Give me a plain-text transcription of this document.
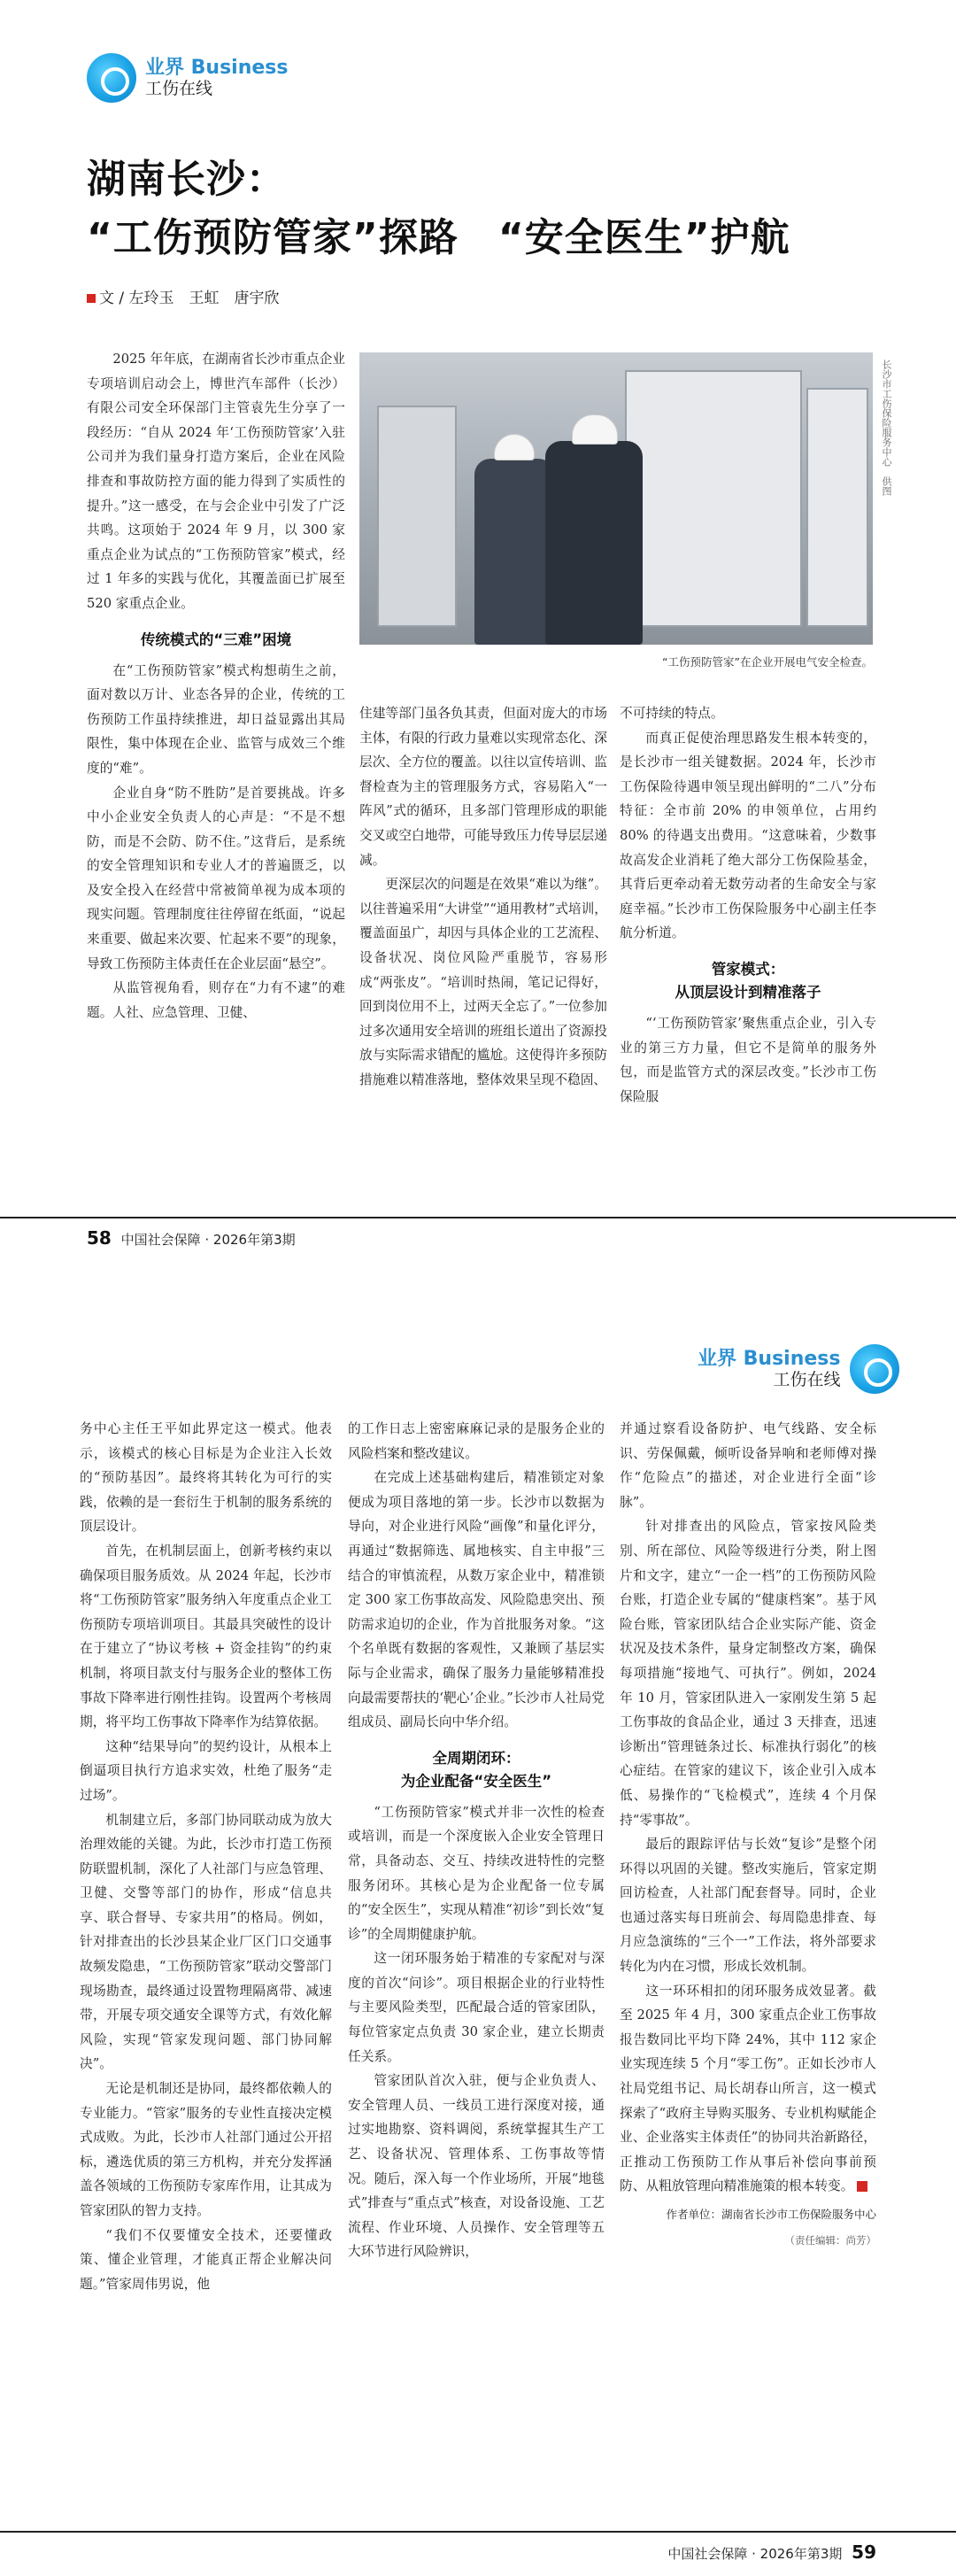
业界 Business
工伤在线
湖南长沙：
“工伤预防管家”探路　“安全医生”护航
文 / 左玲玉　王虹　唐宇欣

2025 年年底，在湖南省长沙市重点企业专项培训启动会上，博世汽车部件（长沙）有限公司安全环保部门主管袁先生分享了一段经历：“自从 2024 年‘工伤预防管家’入驻公司并为我们量身打造方案后，企业在风险排查和事故防控方面的能力得到了实质性的提升。”这一感受，在与会企业中引发了广泛共鸣。这项始于 2024 年 9 月，以 300 家重点企业为试点的“工伤预防管家”模式，经过 1 年多的实践与优化，其覆盖面已扩展至 520 家重点企业。

传统模式的“三难”困境

在“工伤预防管家”模式构想萌生之前，面对数以万计、业态各异的企业，传统的工伤预防工作虽持续推进，却日益显露出其局限性，集中体现在企业、监管与成效三个维度的“难”。

企业自身“防不胜防”是首要挑战。许多中小企业安全负责人的心声是：“不是不想防，而是不会防、防不住。”这背后，是系统的安全管理知识和专业人才的普遍匮乏，以及安全投入在经营中常被简单视为成本项的现实问题。管理制度往往停留在纸面，“说起来重要、做起来次要、忙起来不要”的现象，导致工伤预防主体责任在企业层面“悬空”。

从监管视角看，则存在“力有不逮”的难题。人社、应急管理、卫健、

长沙市工伤保险服务中心　供图
“工伤预防管家”在企业开展电气安全检查。

住建等部门虽各负其责，但面对庞大的市场主体，有限的行政力量难以实现常态化、深层次、全方位的覆盖。以往以宣传培训、监督检查为主的管理服务方式，容易陷入“一阵风”式的循环，且多部门管理形成的职能交叉或空白地带，可能导致压力传导层层递减。

更深层次的问题是在效果“难以为继”。以往普遍采用“大讲堂”“通用教材”式培训，覆盖面虽广，却因与具体企业的工艺流程、设备状况、岗位风险严重脱节，容易形成“两张皮”。“培训时热闹，笔记记得好，回到岗位用不上，过两天全忘了。”一位参加过多次通用安全培训的班组长道出了资源投放与实际需求错配的尴尬。这使得许多预防措施难以精准落地，整体效果呈现不稳固、

不可持续的特点。

而真正促使治理思路发生根本转变的，是长沙市一组关键数据。2024 年，长沙市工伤保险待遇申领呈现出鲜明的“二八”分布特征：全市前 20% 的申领单位，占用约 80% 的待遇支出费用。“这意味着，少数事故高发企业消耗了绝大部分工伤保险基金，其背后更牵动着无数劳动者的生命安全与家庭幸福。”长沙市工伤保险服务中心副主任李航分析道。

管家模式：
从顶层设计到精准落子

“‘工伤预防管家’聚焦重点企业，引入专业的第三方力量，但它不是简单的服务外包，而是监管方式的深层改变。”长沙市工伤保险服

58 中国社会保障 · 2026年第3期
业界 Business
工伤在线

务中心主任王平如此界定这一模式。他表示，该模式的核心目标是为企业注入长效的“预防基因”。最终将其转化为可行的实践，依赖的是一套衍生于机制的服务系统的顶层设计。

首先，在机制层面上，创新考核约束以确保项目服务质效。从 2024 年起，长沙市将“工伤预防管家”服务纳入年度重点企业工伤预防专项培训项目。其最具突破性的设计在于建立了“协议考核 + 资金挂钩”的约束机制，将项目款支付与服务企业的整体工伤事故下降率进行刚性挂钩。设置两个考核周期，将平均工伤事故下降率作为结算依据。

这种“结果导向”的契约设计，从根本上倒逼项目执行方追求实效，杜绝了服务“走过场”。

机制建立后，多部门协同联动成为放大治理效能的关键。为此，长沙市打造工伤预防联盟机制，深化了人社部门与应急管理、卫健、交警等部门的协作，形成“信息共享、联合督导、专家共用”的格局。例如，针对排查出的长沙县某企业厂区门口交通事故频发隐患，“工伤预防管家”联动交警部门现场勘查，最终通过设置物理隔离带、减速带，开展专项交通安全课等方式，有效化解风险，实现“管家发现问题、部门协同解决”。

无论是机制还是协同，最终都依赖人的专业能力。“管家”服务的专业性直接决定模式成败。为此，长沙市人社部门通过公开招标，遴选优质的第三方机构，并充分发挥涵盖各领域的工伤预防专家库作用，让其成为管家团队的智力支持。

“我们不仅要懂安全技术，还要懂政策、懂企业管理，才能真正帮企业解决问题。”管家周伟男说，他

的工作日志上密密麻麻记录的是服务企业的风险档案和整改建议。

在完成上述基础构建后，精准锁定对象便成为项目落地的第一步。长沙市以数据为导向，对企业进行风险“画像”和量化评分，再通过“数据筛选、属地核实、自主申报”三结合的审慎流程，从数万家企业中，精准锁定 300 家工伤事故高发、风险隐患突出、预防需求迫切的企业，作为首批服务对象。“这个名单既有数据的客观性，又兼顾了基层实际与企业需求，确保了服务力量能够精准投向最需要帮扶的‘靶心’企业。”长沙市人社局党组成员、副局长向中华介绍。

全周期闭环：
为企业配备“安全医生”

“工伤预防管家”模式并非一次性的检查或培训，而是一个深度嵌入企业安全管理日常，具备动态、交互、持续改进特性的完整服务闭环。其核心是为企业配备一位专属的“安全医生”，实现从精准“初诊”到长效“复诊”的全周期健康护航。

这一闭环服务始于精准的专家配对与深度的首次“问诊”。项目根据企业的行业特性与主要风险类型，匹配最合适的管家团队，每位管家定点负责 30 家企业，建立长期责任关系。

管家团队首次入驻，便与企业负责人、安全管理人员、一线员工进行深度对接，通过实地勘察、资料调阅，系统掌握其生产工艺、设备状况、管理体系、工伤事故等情况。随后，深入每一个作业场所，开展“地毯式”排查与“重点式”核查，对设备设施、工艺流程、作业环境、人员操作、安全管理等五大环节进行风险辨识，

并通过察看设备防护、电气线路、安全标识、劳保佩戴，倾听设备异响和老师傅对操作“危险点”的描述，对企业进行全面“诊脉”。

针对排查出的风险点，管家按风险类别、所在部位、风险等级进行分类，附上图片和文字，建立“一企一档”的工伤预防风险台账，打造企业专属的“健康档案”。基于风险台账，管家团队结合企业实际产能、资金状况及技术条件，量身定制整改方案，确保每项措施“接地气、可执行”。例如，2024 年 10 月，管家团队进入一家刚发生第 5 起工伤事故的食品企业，通过 3 天排查，迅速诊断出“管理链条过长、标准执行弱化”的核心症结。在管家的建议下，该企业引入成本低、易操作的“飞检模式”，连续 4 个月保持“零事故”。

最后的跟踪评估与长效“复诊”是整个闭环得以巩固的关键。整改实施后，管家定期回访检查，人社部门配套督导。同时，企业也通过落实每日班前会、每周隐患排查、每月应急演练的“三个一”工作法，将外部要求转化为内在习惯，形成长效机制。

这一环环相扣的闭环服务成效显著。截至 2025 年 4 月，300 家重点企业工伤事故报告数同比平均下降 24%，其中 112 家企业实现连续 5 个月“零工伤”。正如长沙市人社局党组书记、局长胡春山所言，这一模式探索了“政府主导购买服务、专业机构赋能企业、企业落实主体责任”的协同共治新路径，正推动工伤预防工作从事后补偿向事前预防、从粗放管理向精准施策的根本转变。

作者单位：湖南省长沙市工伤保险服务中心
（责任编辑：尚芳）
中国社会保障 · 2026年第3期 59
